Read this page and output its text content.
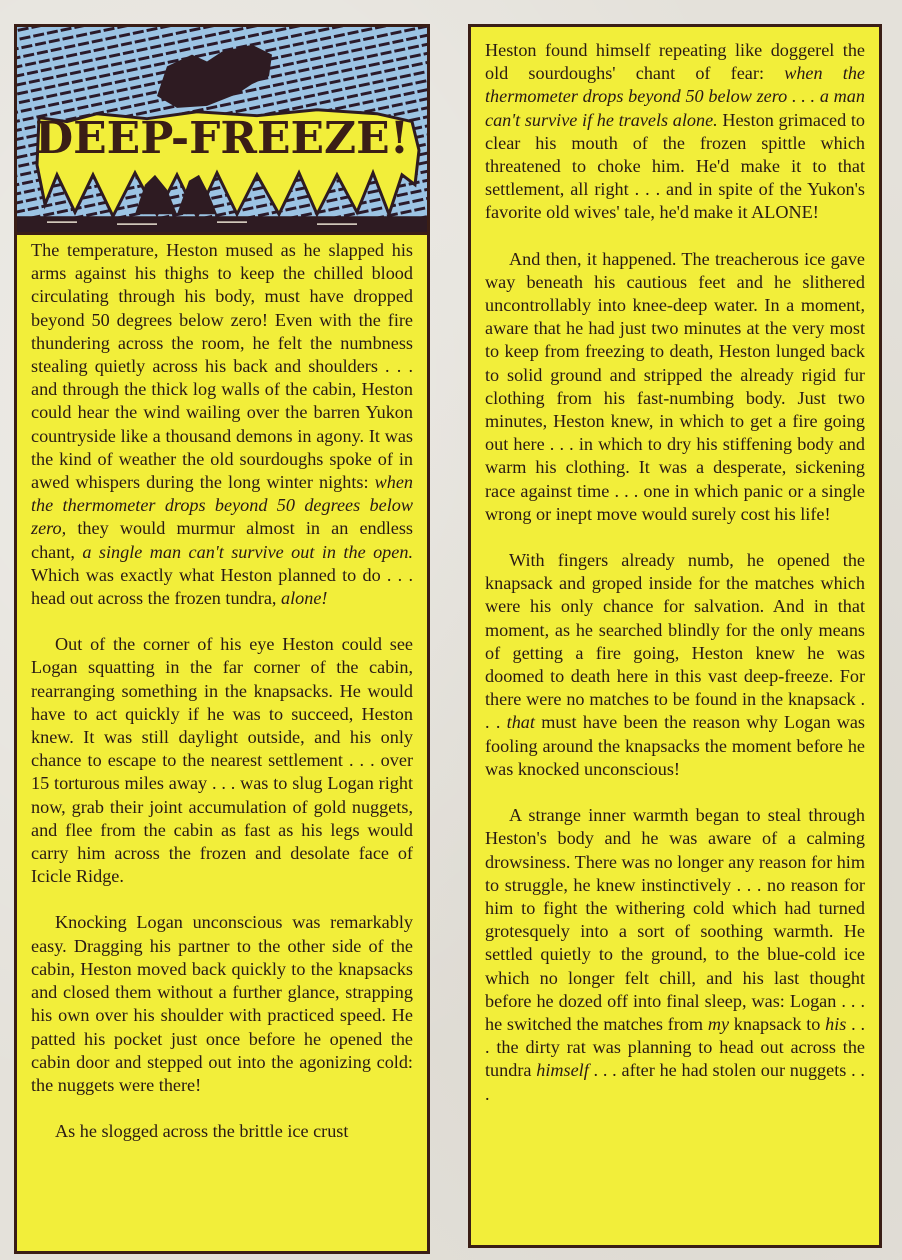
DEEP-FREEZE!

The temperature, Heston mused as he slapped his arms against his thighs to keep the chilled blood circulating through his body, must have dropped beyond 50 degrees below zero! Even with the fire thundering across the room, he felt the numbness stealing quietly across his back and shoulders . . . and through the thick log walls of the cabin, Heston could hear the wind wailing over the barren Yukon countryside like a thousand demons in agony. It was the kind of weather the old sourdoughs spoke of in awed whispers during the long winter nights: when the thermometer drops beyond 50 degrees below zero, they would murmur almost in an endless chant, a single man can't survive out in the open. Which was exactly what Heston planned to do . . . head out across the frozen tundra, alone!

Out of the corner of his eye Heston could see Logan squatting in the far corner of the cabin, rearranging something in the knapsacks. He would have to act quickly if he was to succeed, Heston knew. It was still daylight outside, and his only chance to escape to the nearest settlement . . . over 15 torturous miles away . . . was to slug Logan right now, grab their joint accumulation of gold nuggets, and flee from the cabin as fast as his legs would carry him across the frozen and desolate face of Icicle Ridge.

Knocking Logan unconscious was remarkably easy. Dragging his partner to the other side of the cabin, Heston moved back quickly to the knapsacks and closed them without a further glance, strapping his own over his shoulder with practiced speed. He patted his pocket just once before he opened the cabin door and stepped out into the agonizing cold: the nuggets were there!

As he slogged across the brittle ice crust

Heston found himself repeating like doggerel the old sourdoughs' chant of fear: when the thermometer drops beyond 50 below zero . . . a man can't survive if he travels alone. Heston grimaced to clear his mouth of the frozen spittle which threatened to choke him. He'd make it to that settlement, all right . . . and in spite of the Yukon's favorite old wives' tale, he'd make it ALONE!

And then, it happened. The treacherous ice gave way beneath his cautious feet and he slithered uncontrollably into knee-deep water. In a moment, aware that he had just two minutes at the very most to keep from freezing to death, Heston lunged back to solid ground and stripped the already rigid fur clothing from his fast-numbing body. Just two minutes, Heston knew, in which to get a fire going out here . . . in which to dry his stiffening body and warm his clothing. It was a desperate, sickening race against time . . . one in which panic or a single wrong or inept move would surely cost his life!

With fingers already numb, he opened the knapsack and groped inside for the matches which were his only chance for salvation. And in that moment, as he searched blindly for the only means of getting a fire going, Heston knew he was doomed to death here in this vast deep-freeze. For there were no matches to be found in the knapsack . . . that must have been the reason why Logan was fooling around the knapsacks the moment before he was knocked unconscious!

A strange inner warmth began to steal through Heston's body and he was aware of a calming drowsiness. There was no longer any reason for him to struggle, he knew instinctively . . . no reason for him to fight the withering cold which had turned grotesquely into a sort of soothing warmth. He settled quietly to the ground, to the blue-cold ice which no longer felt chill, and his last thought before he dozed off into final sleep, was: Logan . . . he switched the matches from my knapsack to his . . . the dirty rat was planning to head out across the tundra himself . . . after he had stolen our nuggets . . .
